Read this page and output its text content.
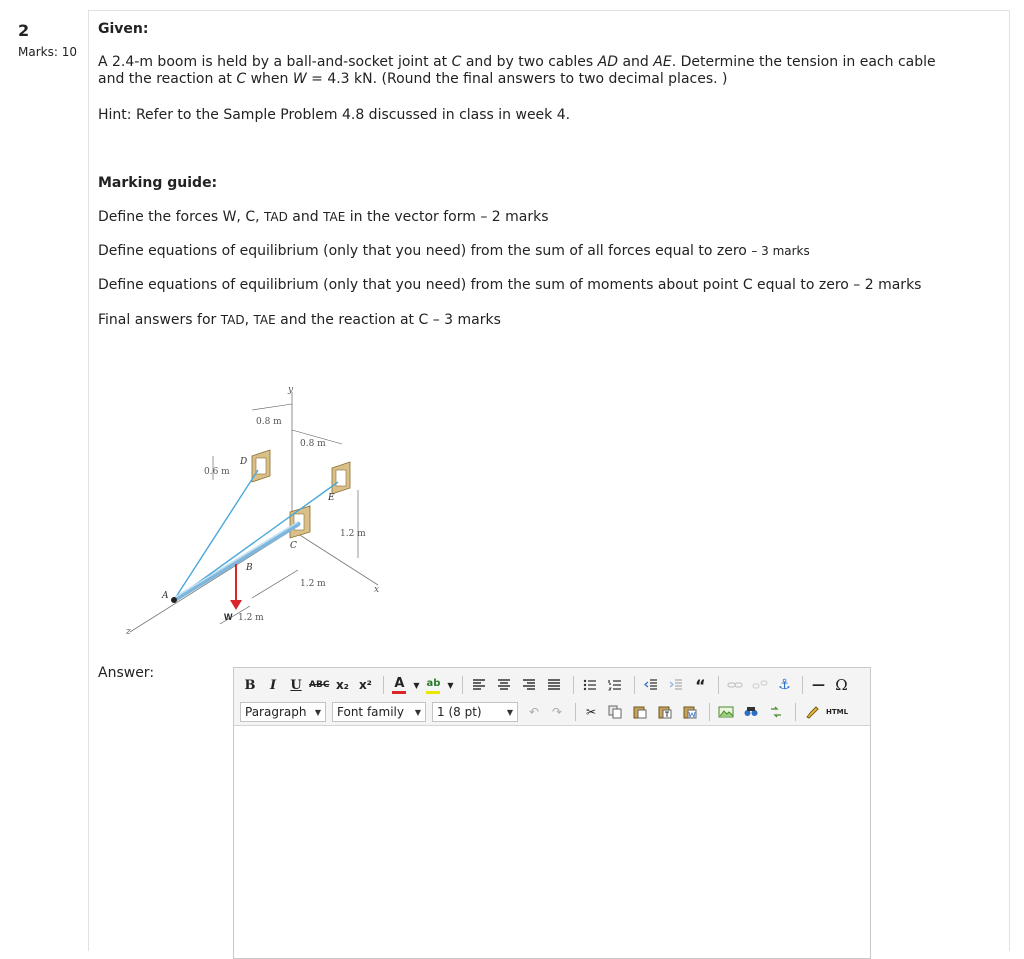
2
Marks: 10

Given:

A 2.4-m boom is held by a ball-and-socket joint at C and by two cables AD and AE. Determine the tension in each cable
and the reaction at C when W = 4.3 kN. (Round the final answers to two decimal places. )

Hint: Refer to the Sample Problem 4.8 discussed in class in week 4.

Marking guide:

Define the forces W, C, TAD and TAE in the vector form – 2 marks

Define equations of equilibrium (only that you need) from the sum of all forces equal to zero – 3 marks

Define equations of equilibrium (only that you need) from the sum of moments about point C equal to zero – 2 marks

Final answers for TAD, TAE and the reaction at C – 3 marks

y
0.8 m
0.8 m
0.6 m
D
E
C
B
A
W
1.2 m
1.2 m
1.2 m
x
z
Answer:
B	I	U ABC x₂ x² A ▼ ab ▼	“	⚓ — Ω
Paragraph	▼	Font family	▼	1 (8 pt)	▼	↶	↷	✂	HTML
